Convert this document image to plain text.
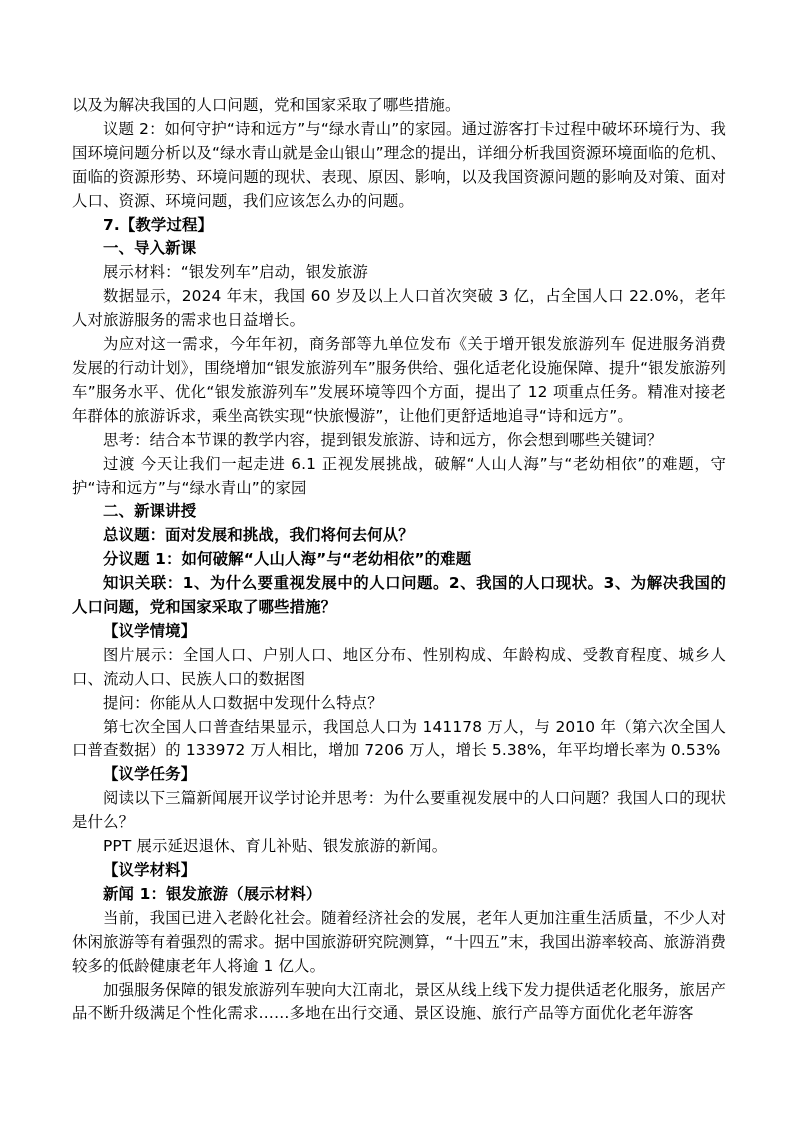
以及为解决我国的人口问题，党和国家采取了哪些措施。

议题 2：如何守护“诗和远方”与“绿水青山”的家园。通过游客打卡过程中破坏环境行为、我国环境问题分析以及“绿水青山就是金山银山”理念的提出，详细分析我国资源环境面临的危机、面临的资源形势、环境问题的现状、表现、原因、影响，以及我国资源问题的影响及对策、面对人口、资源、环境问题，我们应该怎么办的问题。

7.【教学过程】

一、导入新课

展示材料：“银发列车”启动，银发旅游

数据显示，2024 年末，我国 60 岁及以上人口首次突破 3 亿，占全国人口 22.0%，老年人对旅游服务的需求也日益增长。

为应对这一需求，今年年初，商务部等九单位发布《关于增开银发旅游列车 促进服务消费发展的行动计划》，围绕增加“银发旅游列车”服务供给、强化适老化设施保障、提升“银发旅游列车”服务水平、优化“银发旅游列车”发展环境等四个方面，提出了 12 项重点任务。精准对接老年群体的旅游诉求，乘坐高铁实现“快旅慢游”，让他们更舒适地追寻“诗和远方”。

思考：结合本节课的教学内容，提到银发旅游、诗和远方，你会想到哪些关键词？

过渡 今天让我们一起走进 6.1 正视发展挑战，破解“人山人海”与“老幼相依”的难题，守护“诗和远方”与“绿水青山”的家园

二、新课讲授

总议题：面对发展和挑战，我们将何去何从？

分议题 1：如何破解“人山人海”与“老幼相依”的难题

知识关联：1、为什么要重视发展中的人口问题。2、我国的人口现状。3、为解决我国的人口问题，党和国家采取了哪些措施？

【议学情境】

图片展示：全国人口、户别人口、地区分布、性别构成、年龄构成、受教育程度、城乡人口、流动人口、民族人口的数据图

提问：你能从人口数据中发现什么特点？

第七次全国人口普查结果显示，我国总人口为 141178 万人，与 2010 年（第六次全国人口普查数据）的 133972 万人相比，增加 7206 万人，增长 5.38%，年平均增长率为 0.53%

【议学任务】

阅读以下三篇新闻展开议学讨论并思考：为什么要重视发展中的人口问题？我国人口的现状是什么？

PPT 展示延迟退休、育儿补贴、银发旅游的新闻。

【议学材料】

新闻 1：银发旅游（展示材料）

当前，我国已进入老龄化社会。随着经济社会的发展，老年人更加注重生活质量，不少人对休闲旅游等有着强烈的需求。据中国旅游研究院测算，“十四五”末，我国出游率较高、旅游消费较多的低龄健康老年人将逾 1 亿人。

加强服务保障的银发旅游列车驶向大江南北，景区从线上线下发力提供适老化服务，旅居产品不断升级满足个性化需求……多地在出行交通、景区设施、旅行产品等方面优化老年游客
